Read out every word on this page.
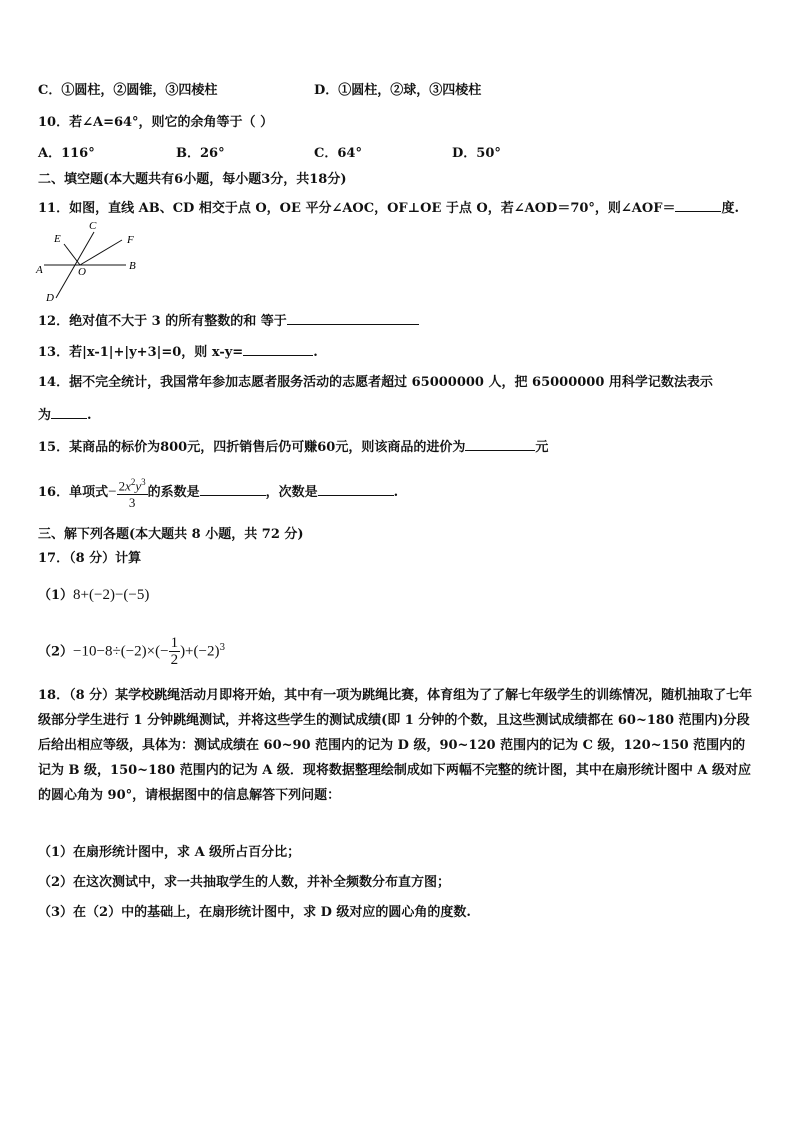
C．①圆柱，②圆锥，③四棱柱	D．①圆柱，②球，③四棱柱
10．若∠A=64°，则它的余角等于（ ）
A．116°	B．26°	C．64°	D．50°
二、填空题(本大题共有6小题，每小题3分，共18分)
11．如图，直线 AB、CD 相交于点 O，OE 平分∠AOC，OF⊥OE 于点 O，若∠AOD＝70°，则∠AOF＝	度.
A	B
C
D
E	F
O
12．绝对值不大于 3 的所有整数的和 等于
13．若|x-1|+|y+3|=0，则 x-y=	.
14．据不完全统计，我国常年参加志愿者服务活动的志愿者超过 65000000 人，把 65000000 用科学记数法表示
为	.
15．某商品的标价为800元，四折销售后仍可赚60元，则该商品的进价为	元
16．单项式− $\frac{2x^2y^3}{3}$ 的系数是	，次数是	.
三、解下列各题(本大题共 8 小题，共 72 分)
17．（8 分）计算
（1）8+(−2)−(−5)
$(2)-10-8\div(-2)\times(- \frac{1}{2} )+(-2)^3$
18．（8 分）某学校跳绳活动月即将开始，其中有一项为跳绳比赛，体育组为了了解七年级学生的训练情况，随机抽取了七年级部分学生进行 1 分钟跳绳测试，并将这些学生的测试成绩(即 1 分钟的个数，且这些测试成绩都在 60~180 范围内)分段后给出相应等级，具体为：测试成绩在 60~90 范围内的记为 D 级，90~120 范围内的记为 C 级，120~150 范围内的记为 B 级，150~180 范围内的记为 A 级．现将数据整理绘制成如下两幅不完整的统计图，其中在扇形统计图中 A 级对应的圆心角为 90°，请根据图中的信息解答下列问题：
（1）在扇形统计图中，求 A 级所占百分比；
（2）在这次测试中，求一共抽取学生的人数，并补全频数分布直方图；
（3）在（2）中的基础上，在扇形统计图中，求 D 级对应的圆心角的度数.
